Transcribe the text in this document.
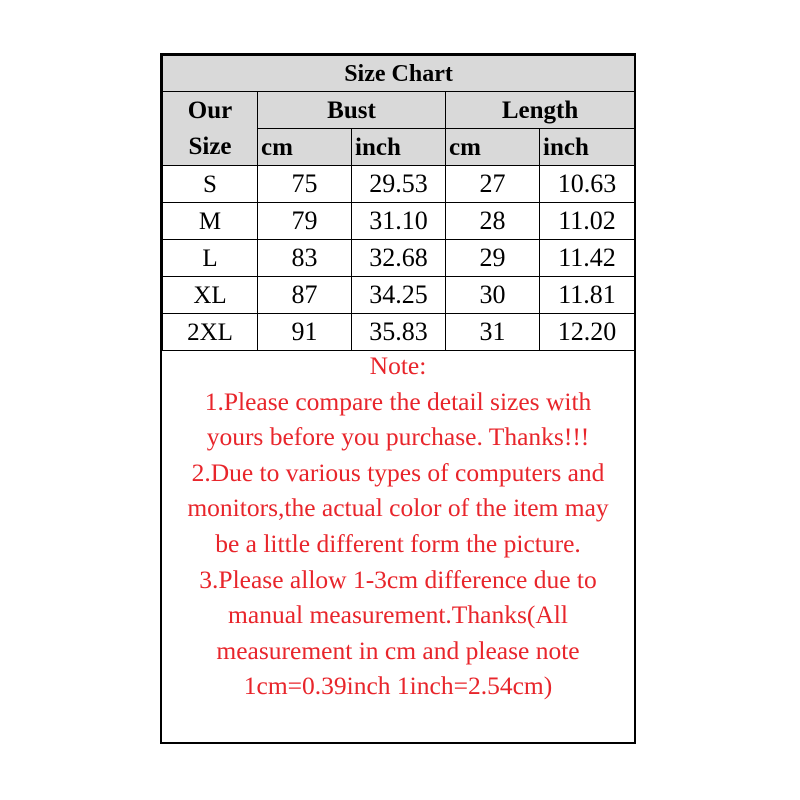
Size Chart				
Our
Size	Bust		Length	
	cm	inch	cm	inch
S	75	29.53	27	10.63
M	79	31.10	28	11.02
L	83	32.68	29	11.42
XL	87	34.25	30	11.81
2XL	91	35.83	31	12.20
Note:
1.Please compare the detail sizes with
yours before you purchase. Thanks!!!
2.Due to various types of computers and
monitors,the actual color of the item may
be a little different form the picture.
3.Please allow 1-3cm difference due to
manual measurement.Thanks(All
measurement in cm and please note
1cm=0.39inch 1inch=2.54cm)
